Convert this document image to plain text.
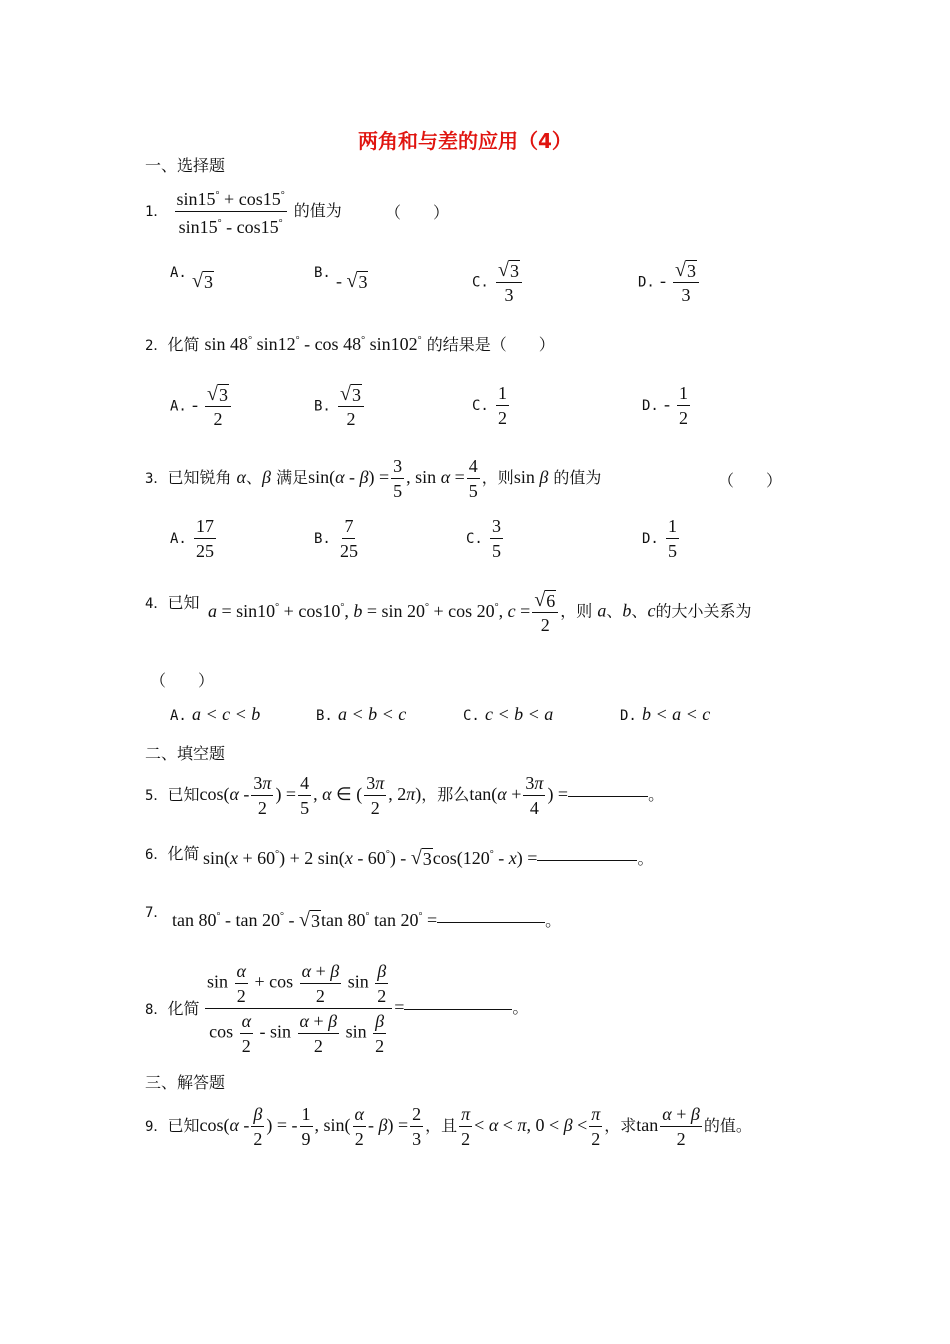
两角和与差的应用（4）
一、选择题
1． $\frac{\sin 15^\circ + \cos 15^\circ}{\sin 15^\circ - \cos 15^\circ}$ 的值为	（　　）
A. √ 3	B. - √ 3	C. $\frac{√ 3}{3}$	D. - $\frac{√ 3}{3}$
2．化简 sin 48° sin12° - cos 48° sin102° 的结果是（　　）
A. - $\frac{√ 3}{2}$	B. $\frac{√ 3}{2}$	C. $\frac{1}{2}$	D. - $\frac{1}{2}$
3．已知锐角 α、β 满足$\sin(\alpha - \beta) = \frac{3}{5}$ , $\sin \alpha = \frac{4}{5}$ ，则sin β 的值为	（　　）
A. $\frac{17}{25}$	B. $\frac{7}{25}$	C. $\frac{3}{5}$	D. $\frac{1}{5}$
4．已知 a = sin10° + cos10°, b = sin 20° + cos 20°, $c = \frac{√ 6}{2}$ ，则 a、b、c的大小关系为
（　　）
A. a < c < b	B. a < b < c	C. c < b < a	D. b < a < c
二、填空题
5．已知$\cos(\alpha - \frac{3\pi}{2}$ ) = $\frac{4}{5}$ , α ∈ ( $\frac{3\pi}{2}$ , 2π)，那么$\tan(\alpha + \frac{3\pi}{4}$ ) =	。
6．化简 sin(x + 60°) + 2 sin(x - 60°) - √ 3 cos(120° - x) =	。
7． tan 80° - tan 20° - √ 3 tan 80° tan 20° =	。
8．化简 $\frac{\sin \frac{\alpha}{2} + \cos \frac{\alpha + \beta}{2} \sin \frac{\beta}{2}}{\cos \frac{\alpha}{2} - \sin \frac{\alpha + \beta}{2} \sin \frac{\beta}{2}}$ =	。
三、解答题
9．已知$\cos(\alpha - \frac{\beta}{2}$ ) = - $\frac{1}{9}$ , $\sin( \frac{\alpha}{2} - \beta) = \frac{2}{3}$ ，且 $\frac{\pi}{2} < \alpha < \pi$, $0 < \beta < \frac{\pi}{2}$ ，求$\tan \frac{\alpha + \beta}{2}$ 的值。
